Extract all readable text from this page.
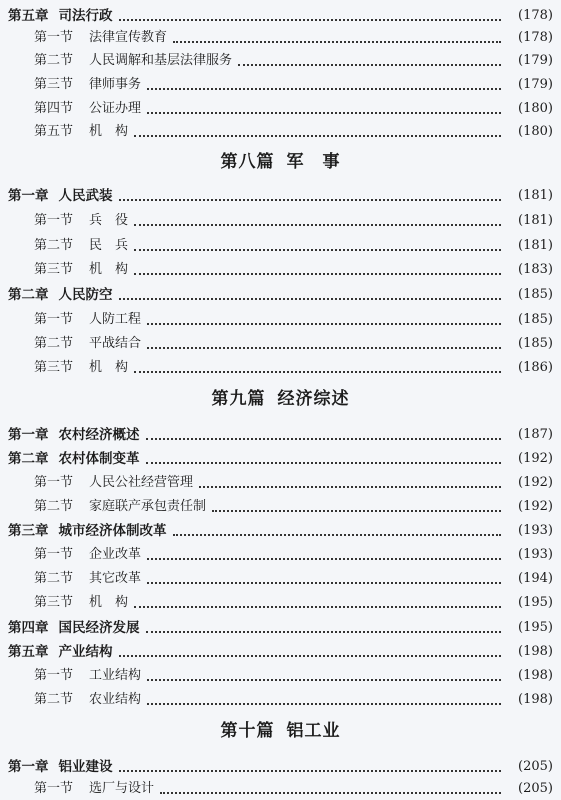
第五章 司法行政	(178)
第一节 法律宣传教育	(178)
第二节 人民调解和基层法律服务	(179)
第三节 律师事务	(179)
第四节 公证办理	(180)
第五节 机　构	(180)
第八篇 军　事
第一章 人民武装	(181)
第一节 兵　役	(181)
第二节 民　兵	(181)
第三节 机　构	(183)
第二章 人民防空	(185)
第一节 人防工程	(185)
第二节 平战结合	(185)
第三节 机　构	(186)
第九篇 经济综述
第一章 农村经济概述	(187)
第二章 农村体制变革	(192)
第一节 人民公社经营管理	(192)
第二节 家庭联产承包责任制	(192)
第三章 城市经济体制改革	(193)
第一节 企业改革	(193)
第二节 其它改革	(194)
第三节 机　构	(195)
第四章 国民经济发展	(195)
第五章 产业结构	(198)
第一节 工业结构	(198)
第二节 农业结构	(198)
第十篇 铝工业
第一章 铝业建设	(205)
第一节 选厂与设计	(205)
